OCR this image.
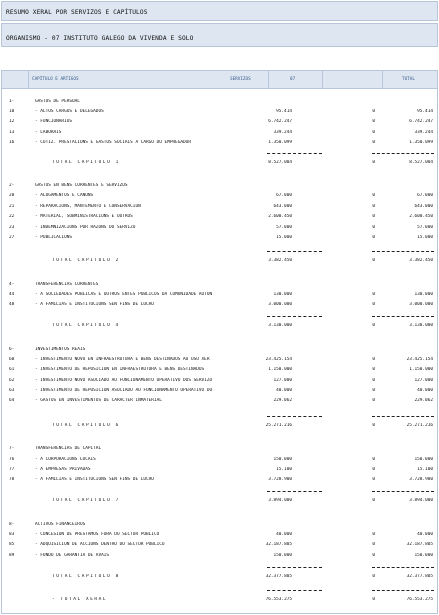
RESUMO XERAL POR SERVIZOS E CAPÍTULOS
ORGANISMO - 07 INSTITUTO GALEGO DA VIVENDA E SOLO
CAPÍTULO E ARTIGOS	SERVIZOS	07	TOTAL
1-	GASTOS DE PERSOAL
10	- ALTOS CARGOS E DELEGADOS	95.414	0	95.414
12	- FUNCIONARIOS	6.742.247	0	6.742.247
13	- LABORAIS	339.244	0	339.244
16	- COTIZ. PRESTACIÓNS E GASTOS SOCIAIS A CARGO DO EMPREGADOR	1.350.099	0	1.350.099
TOTAL CAPÍTULO 1	8.527.004	0	8.527.004
2-	GASTOS EN BENS CORRENTES E SERVIZOS
20	- ALUGAMENTOS E CANONS	67.000	0	67.000
21	- REPARACIÓNS, MANTEMENTO E CONSERVACIÓN	643.000	0	643.000
22	- MATERIAL, SUBMINISTRACIÓNS E OUTROS	2.600.450	0	2.600.450
23	- INDEMNIZACIÓNS POR RAZÓNS DO SERVIZO	57.000	0	57.000
27	- PUBLICACIÓNS	15.000	0	15.000
TOTAL CAPÍTULO 2	3.382.450	0	3.382.450
4-	TRANSFERENCIAS CORRENTES
44	- A SOCIEDADES PÚBLICAS E OUTROS ENTES PÚBLICOS DA COMUNIDADE AUTÓN	130.000	0	130.000
48	- A FAMILIAS E INSTITUCIÓNS SEN FINS DE LUCRO	3.000.000	0	3.000.000
TOTAL CAPÍTULO 4	3.130.000	0	3.130.000
6-	INVESTIMENTOS REAIS
60	- INVESTIMENTO NOVO EN INFRAESTRUTURA E BENS DESTINADOS AO USO XER	23.425.154	0	23.425.154
61	- INVESTIMENTO DE REPOSICIÓN EN INFRAESTRUTURA E BENS DESTINADOS	1.150.000	0	1.150.000
62	- INVESTIMENTO NOVO ASOCIADO AO FUNCIONAMENTO OPERATIVO DOS SERVIZO	127.000	0	127.000
63	- INVESTIMENTO DE REPOSICIÓN ASOCIADO AO FUNCIONAMENTO OPERATIVO DO	40.000	0	40.000
64	- GASTOS EN INVESTIMENTOS DE CARÁCTER INMATERIAL	229.062	0	229.062
TOTAL CAPÍTULO 6	25.271.216	0	25.271.216
7-	TRANSFERENCIAS DE CAPITAL
76	- A CORPORACIÓNS LOCAIS	150.000	0	150.000
77	- A EMPRESAS PRIVADAS	15.100	0	15.100
78	- A FAMILIAS E INSTITUCIÓNS SEN FINS DE LUCRO	3.728.900	0	3.728.900
TOTAL CAPÍTULO 7	3.894.000	0	3.894.000
8-	ACTIVOS FINANCEIROS
83	- CONCESIÓN DE PRÉSTAMOS FÓRA DO SECTOR PÚBLICO	40.000	0	40.000
85	- ADQUISICIÓN DE ACCIÓNS DENTRO DO SECTOR PÚBLICO	32.187.805	0	32.187.805
89	- FONDO DE GARANTÍA DE AVAIS	150.000	0	150.000
TOTAL CAPÍTULO 8	32.377.805	0	32.377.805
- TOTAL XERAL	76.553.275	0	76.553.275
